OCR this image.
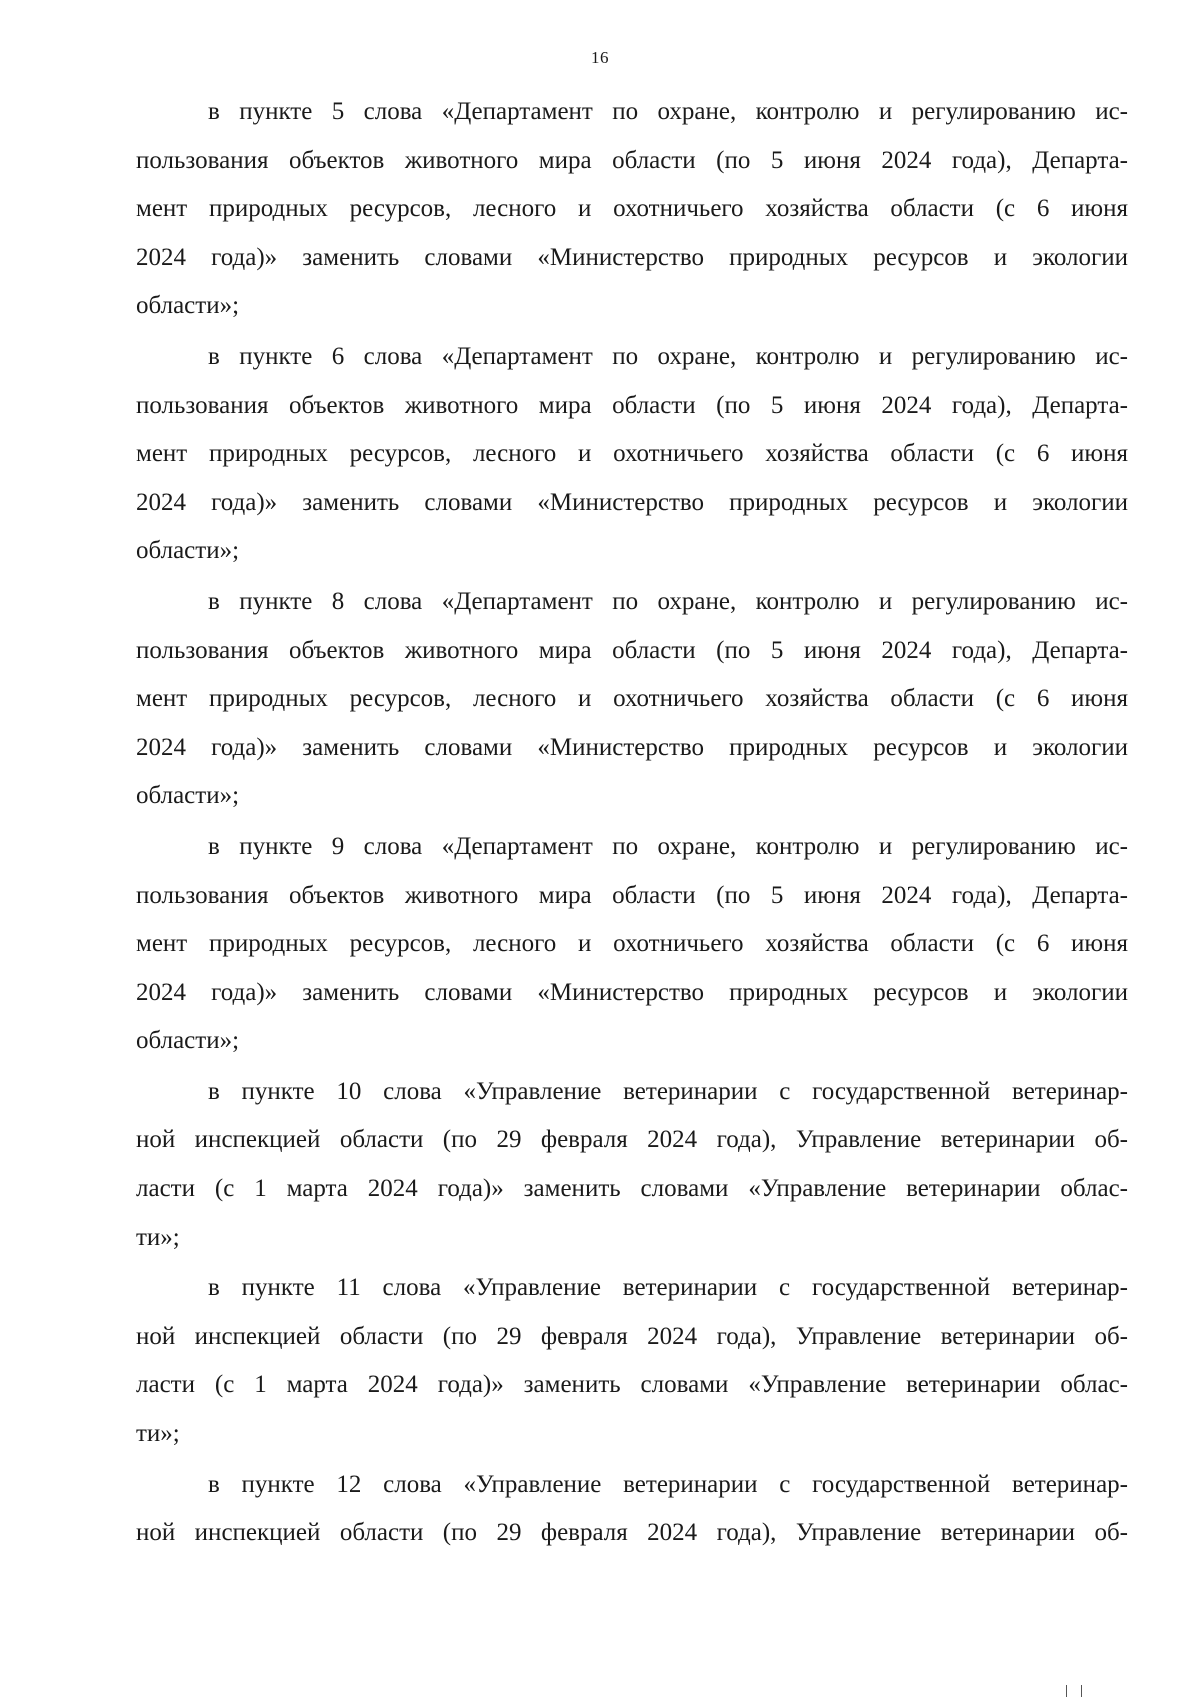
16

в пункте 5 слова «Департамент по охране, контролю и регулированию ис-
пользования объектов животного мира области (по 5 июня 2024 года), Департа-
мент природных ресурсов, лесного и охотничьего хозяйства области (с 6 июня
2024 года)» заменить словами «Министерство природных ресурсов и экологии
области»;

в пункте 6 слова «Департамент по охране, контролю и регулированию ис-
пользования объектов животного мира области (по 5 июня 2024 года), Департа-
мент природных ресурсов, лесного и охотничьего хозяйства области (с 6 июня
2024 года)» заменить словами «Министерство природных ресурсов и экологии
области»;

в пункте 8 слова «Департамент по охране, контролю и регулированию ис-
пользования объектов животного мира области (по 5 июня 2024 года), Департа-
мент природных ресурсов, лесного и охотничьего хозяйства области (с 6 июня
2024 года)» заменить словами «Министерство природных ресурсов и экологии
области»;

в пункте 9 слова «Департамент по охране, контролю и регулированию ис-
пользования объектов животного мира области (по 5 июня 2024 года), Департа-
мент природных ресурсов, лесного и охотничьего хозяйства области (с 6 июня
2024 года)» заменить словами «Министерство природных ресурсов и экологии
области»;

в пункте 10 слова «Управление ветеринарии с государственной ветеринар-
ной инспекцией области (по 29 февраля 2024 года), Управление ветеринарии об-
ласти (с 1 марта 2024 года)» заменить словами «Управление ветеринарии облас-
ти»;

в пункте 11 слова «Управление ветеринарии с государственной ветеринар-
ной инспекцией области (по 29 февраля 2024 года), Управление ветеринарии об-
ласти (с 1 марта 2024 года)» заменить словами «Управление ветеринарии облас-
ти»;

в пункте 12 слова «Управление ветеринарии с государственной ветеринар-
ной инспекцией области (по 29 февраля 2024 года), Управление ветеринарии об-
